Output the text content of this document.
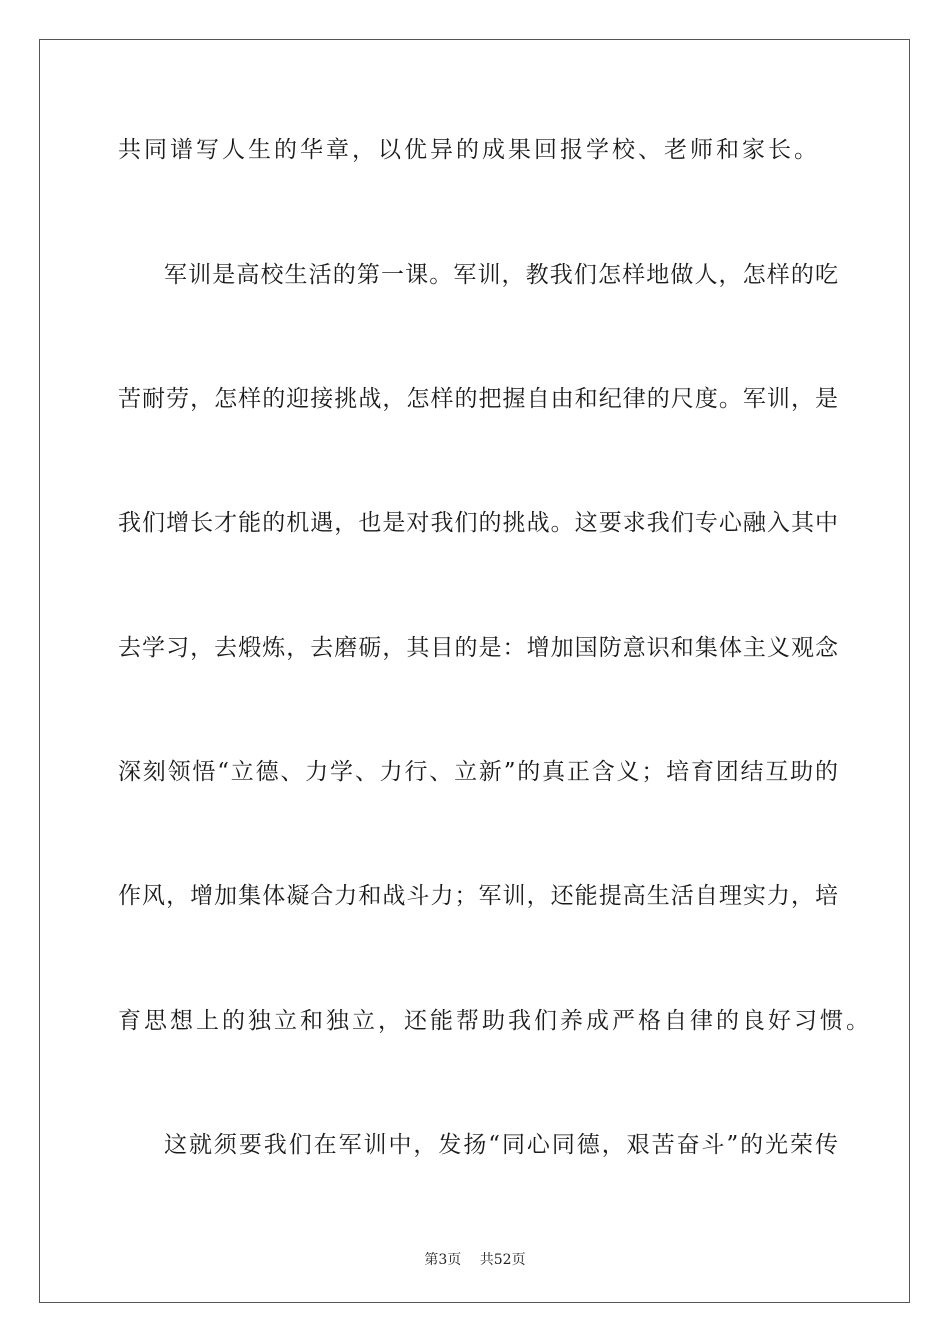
共同谱写人生的华章，以优异的成果回报学校、老师和家长。
军训是高校生活的第一课。军训，教我们怎样地做人，怎样的吃
苦耐劳，怎样的迎接挑战，怎样的把握自由和纪律的尺度。军训，是
我们增长才能的机遇，也是对我们的挑战。这要求我们专心融入其中
去学习，去煅炼，去磨砺，其目的是：增加国防意识和集体主义观念
深刻领悟“立德、力学、力行、立新”的真正含义；培育团结互助的
作风，增加集体凝合力和战斗力；军训，还能提高生活自理实力，培
育思想上的独立和独立，还能帮助我们养成严格自律的良好习惯。
这就须要我们在军训中，发扬“同心同德，艰苦奋斗”的光荣传
第3页 共52页
